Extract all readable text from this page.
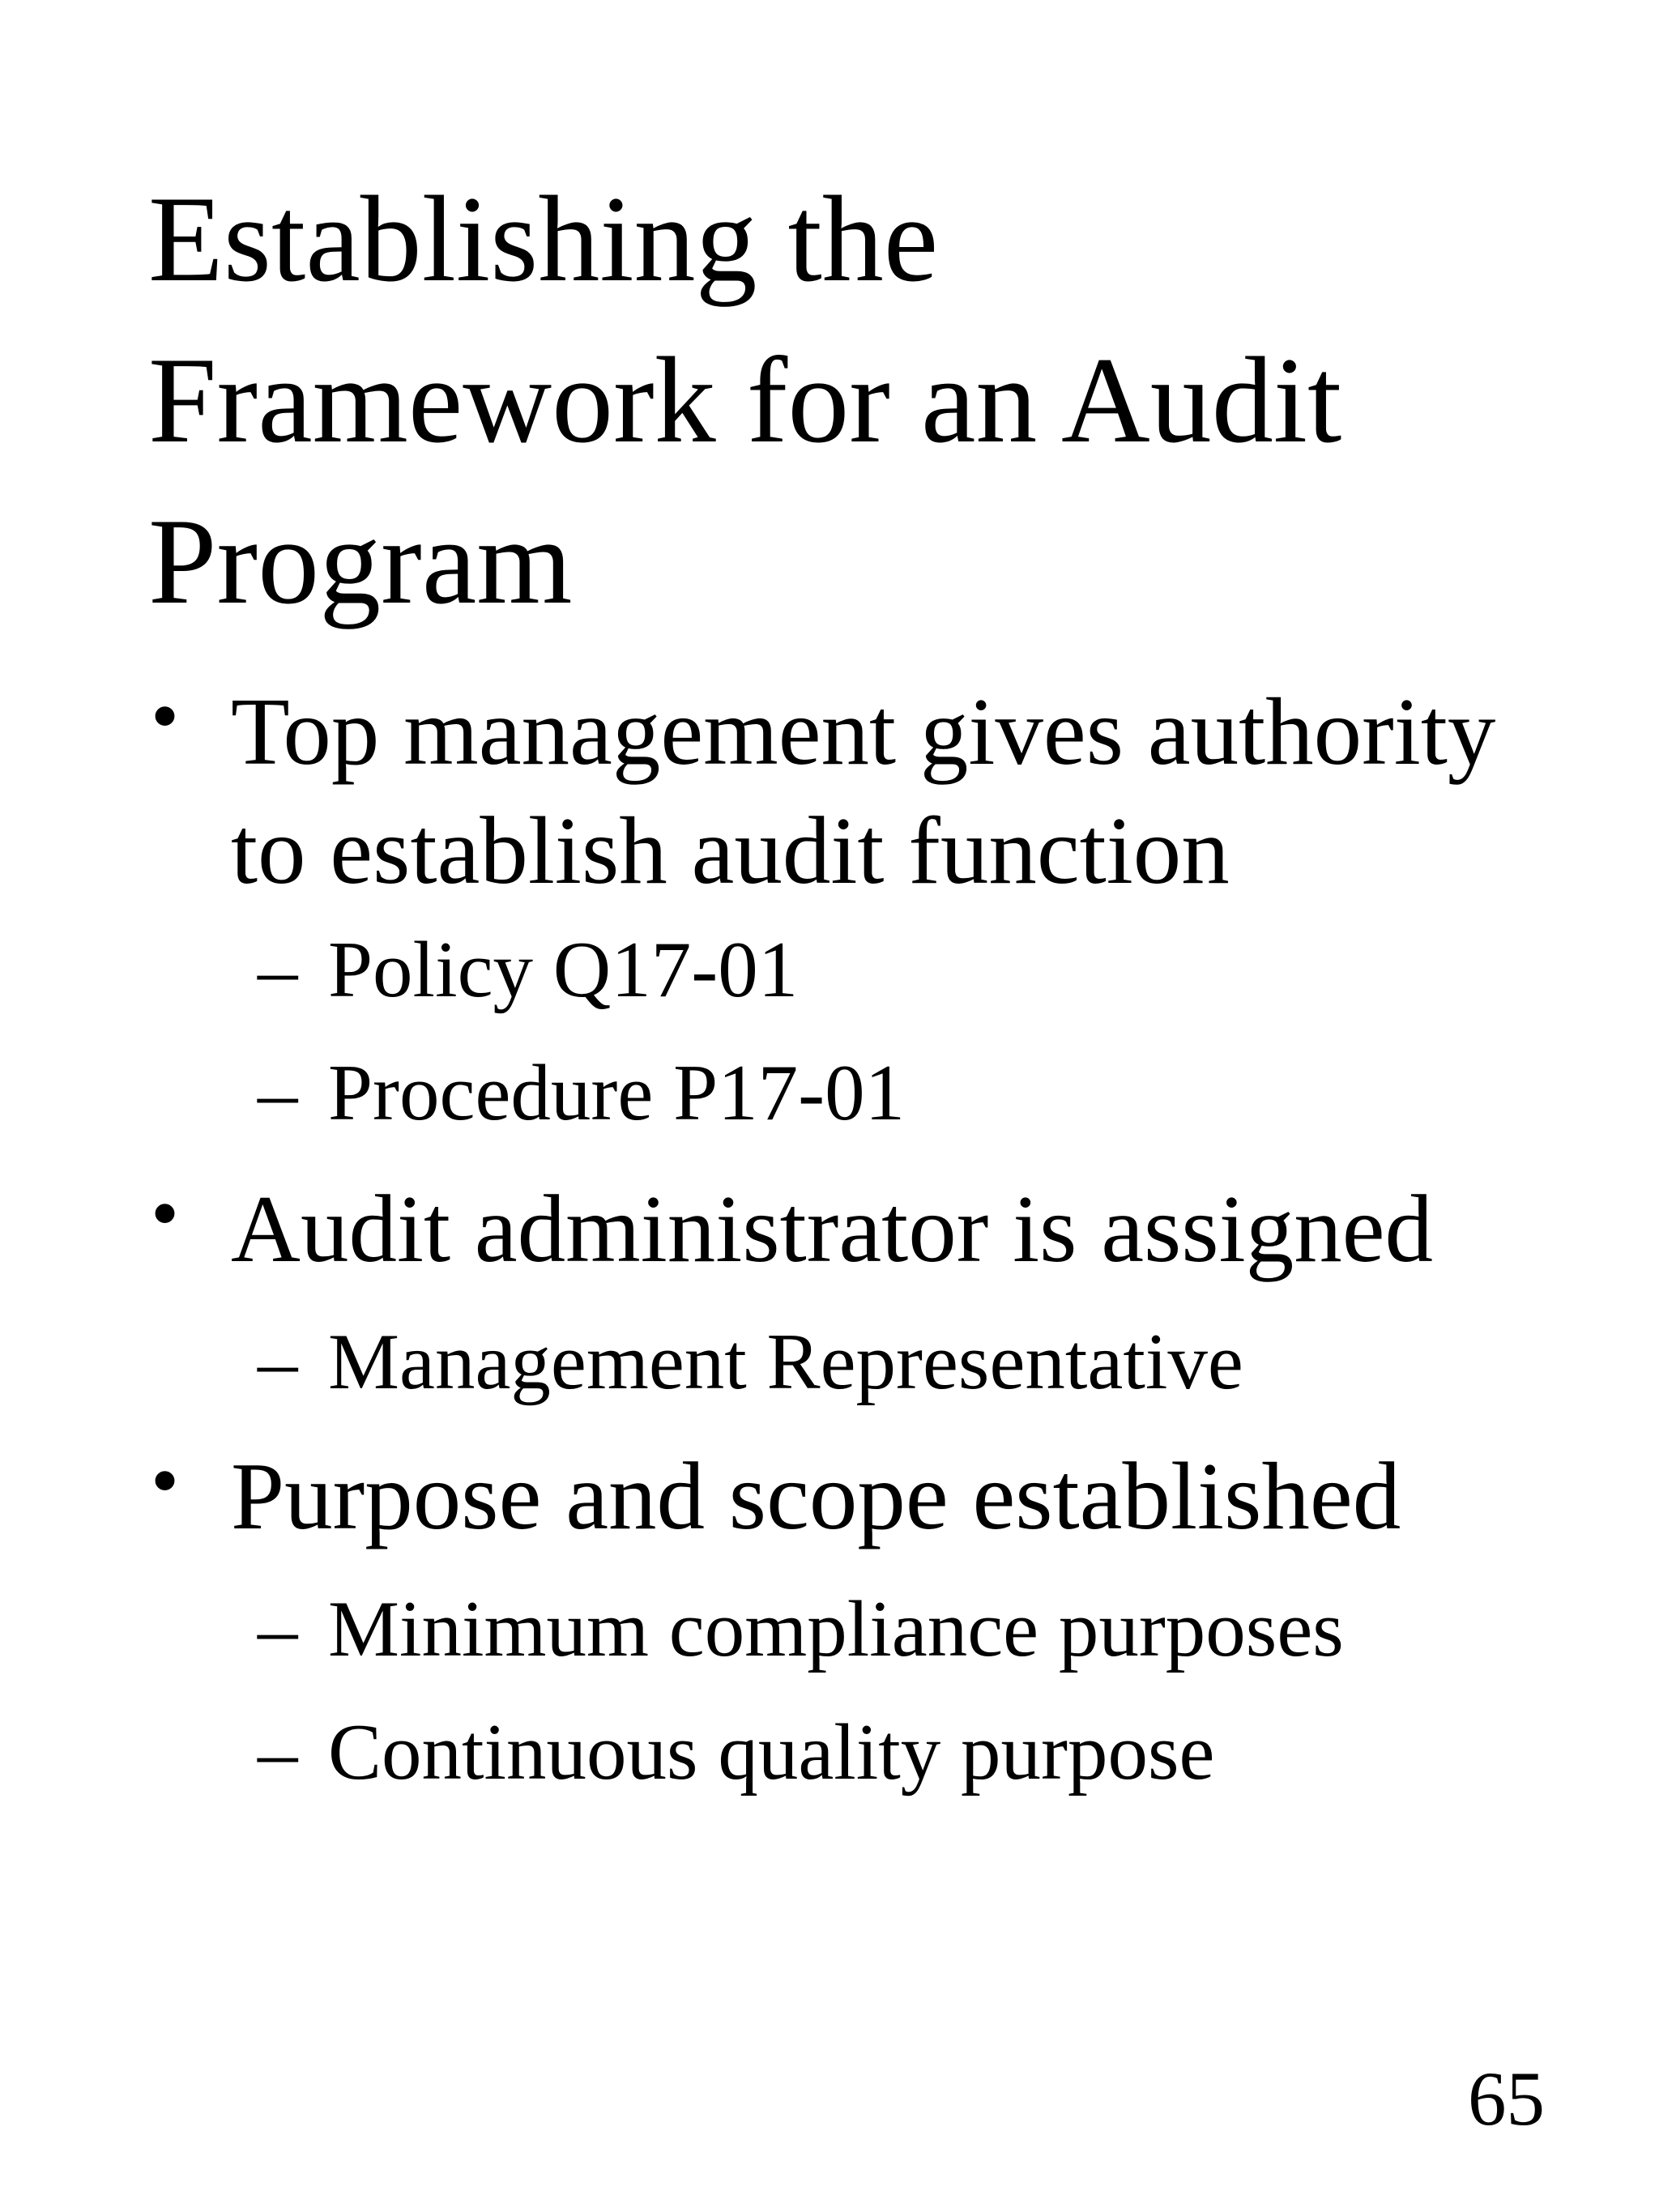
Establishing the
Framework for an Audit
Program
• Top management gives authority
to establish audit function
– Policy Q17-01
– Procedure P17-01
• Audit administrator is assigned
– Management Representative
• Purpose and scope established
– Minimum compliance purposes
– Continuous quality purpose
65
